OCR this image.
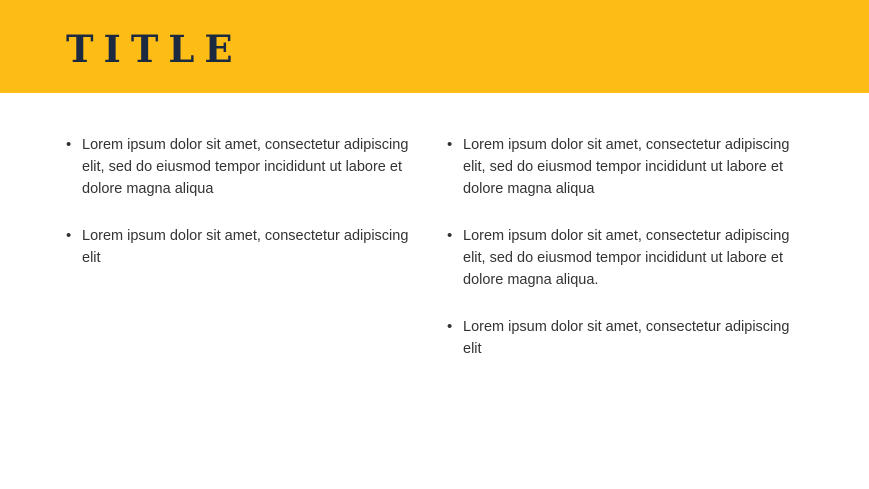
TITLE
• Lorem ipsum dolor sit amet, consectetur adipiscing elit, sed do eiusmod tempor incididunt ut labore et dolore magna aliqua
• Lorem ipsum dolor sit amet, consectetur adipiscing elit
• Lorem ipsum dolor sit amet, consectetur adipiscing elit, sed do eiusmod tempor incididunt ut labore et dolore magna aliqua
• Lorem ipsum dolor sit amet, consectetur adipiscing elit, sed do eiusmod tempor incididunt ut labore et dolore magna aliqua.
• Lorem ipsum dolor sit amet, consectetur adipiscing elit
